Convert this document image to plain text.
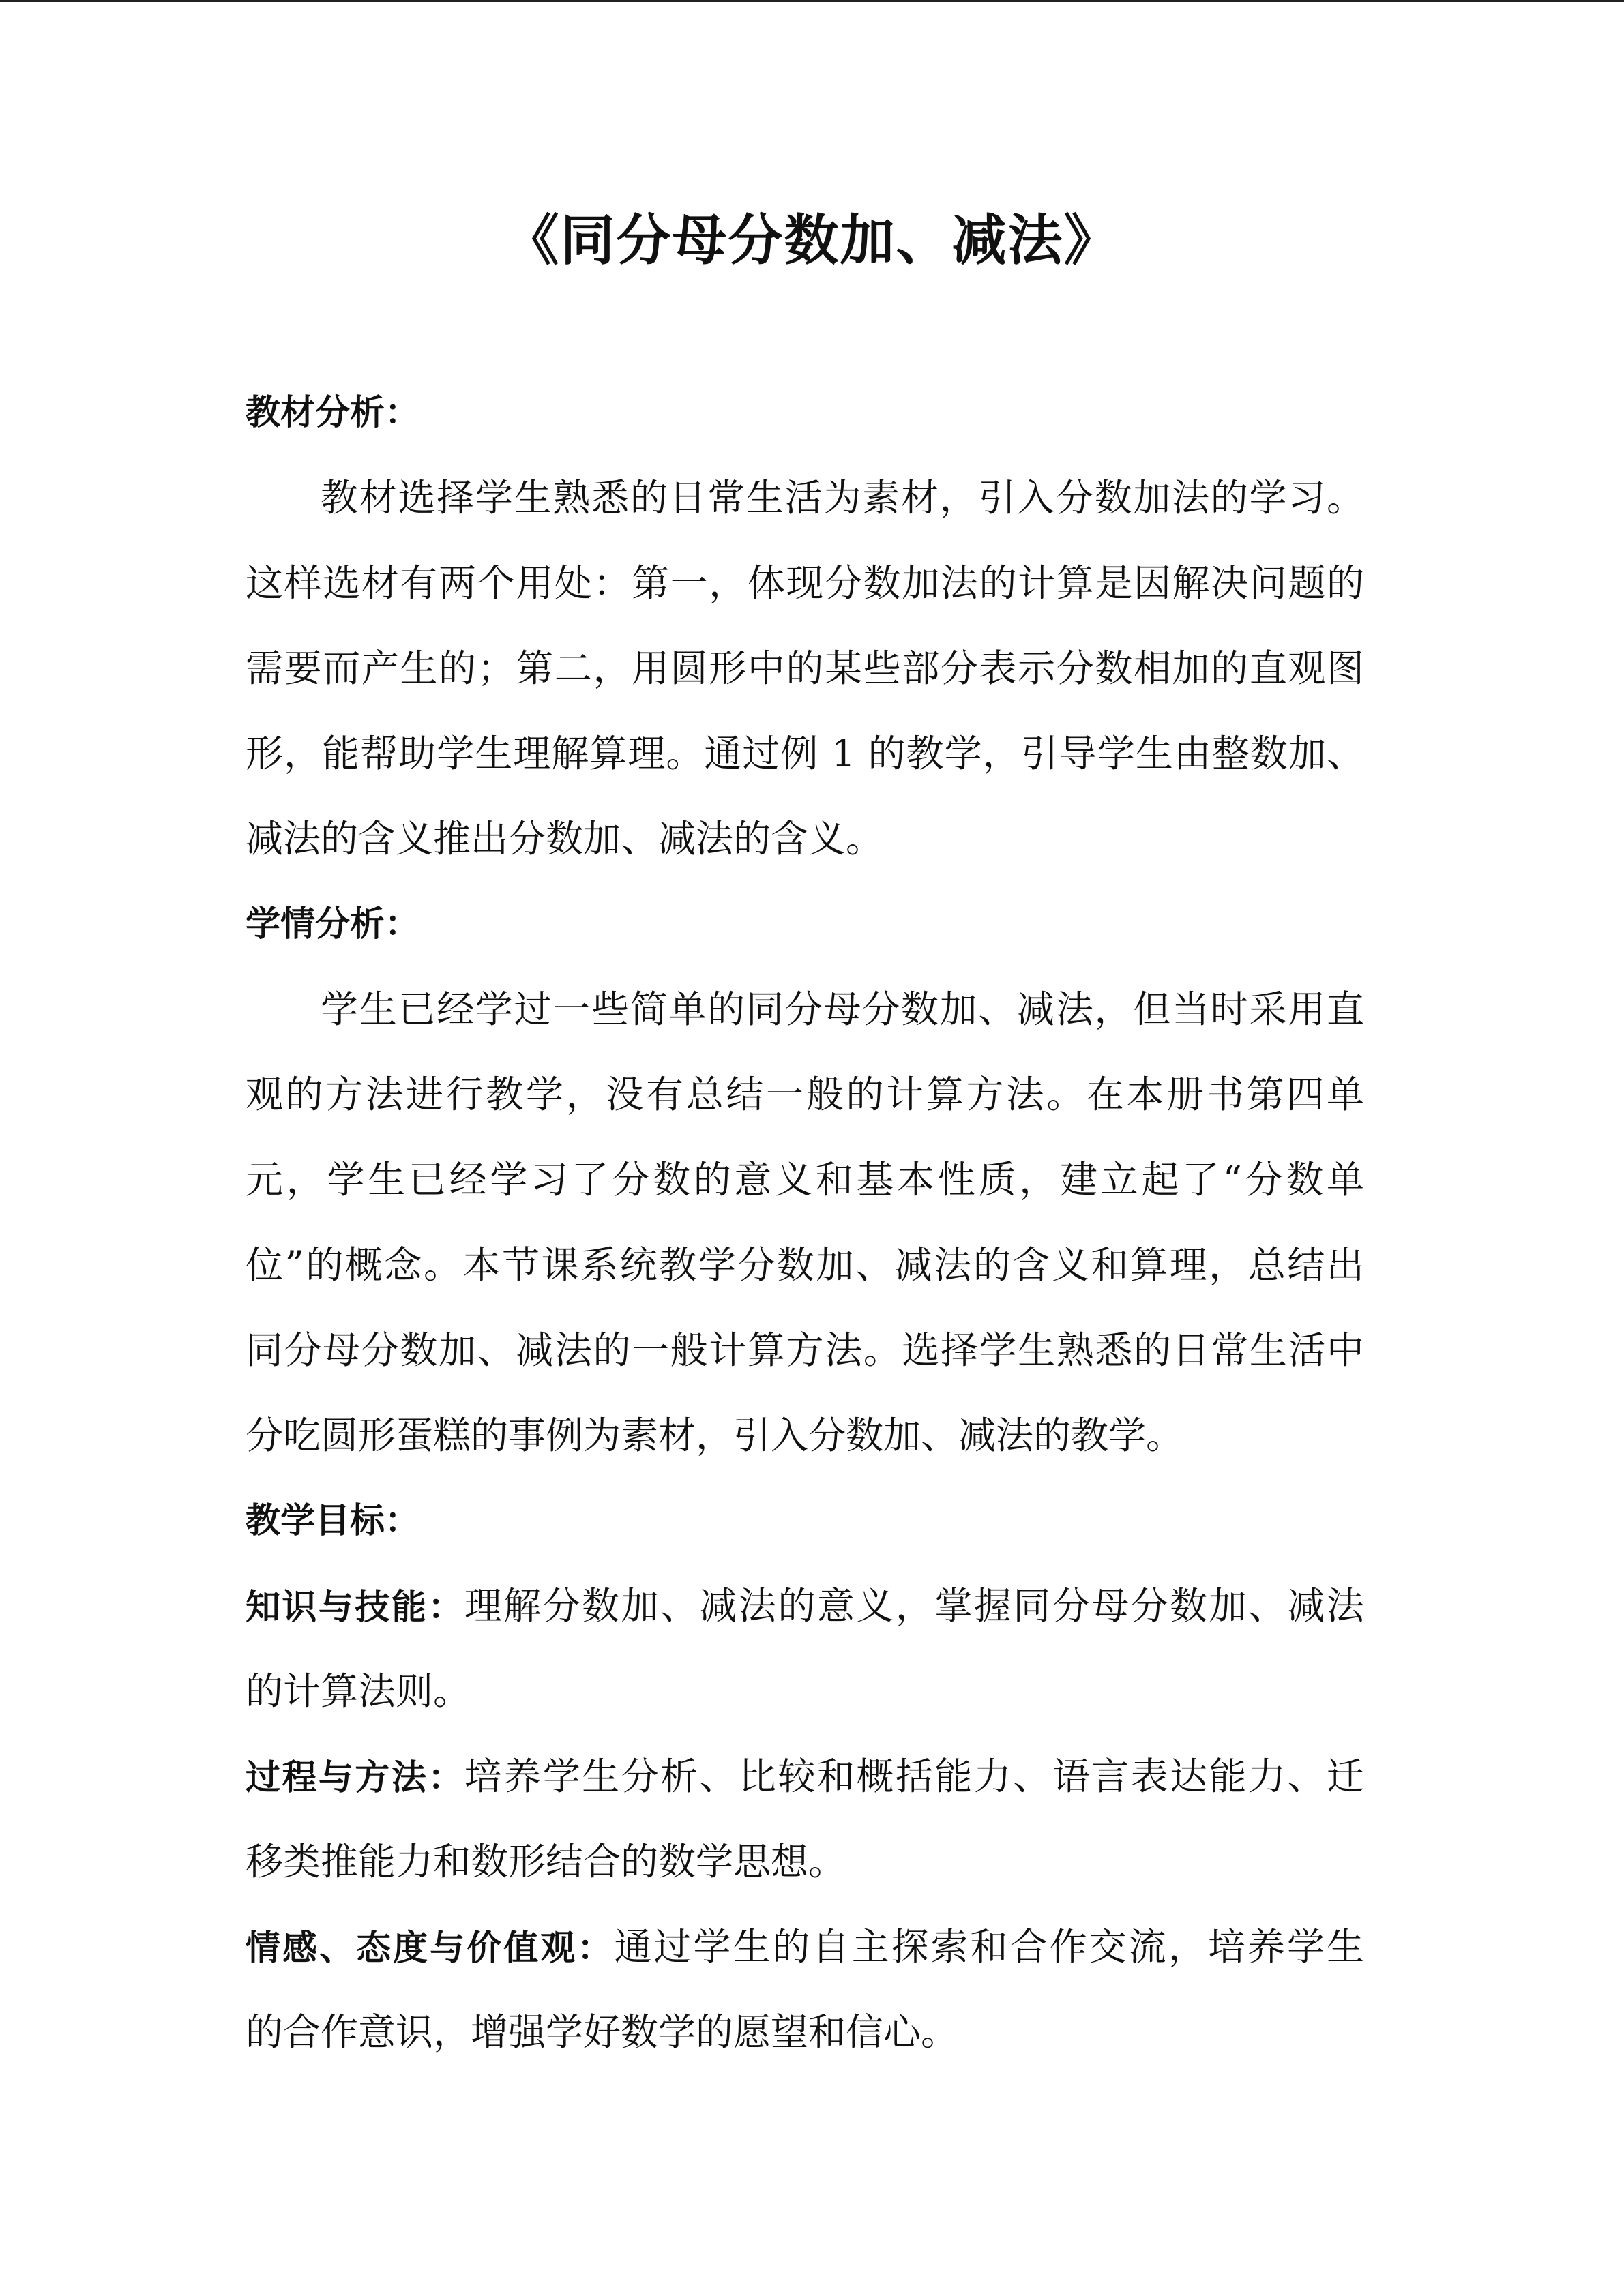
《同分母分数加、减法》
教材分析：
教材选择学生熟悉的日常生活为素材，引入分数加法的学习。
这样选材有两个用处：第一，体现分数加法的计算是因解决问题的
需要而产生的；第二，用圆形中的某些部分表示分数相加的直观图
形，能帮助学生理解算理。通过例 1 的教学，引导学生由整数加、
减法的含义推出分数加、减法的含义。
学情分析：
学生已经学过一些简单的同分母分数加、减法，但当时采用直
观的方法进行教学，没有总结一般的计算方法。在本册书第四单
元，学生已经学习了分数的意义和基本性质，建立起了“分数单
位”的概念。本节课系统教学分数加、减法的含义和算理，总结出
同分母分数加、减法的一般计算方法。选择学生熟悉的日常生活中
分吃圆形蛋糕的事例为素材，引入分数加、减法的教学。
教学目标：
知识与技能：理解分数加、减法的意义，掌握同分母分数加、减法
的计算法则。
过程与方法：培养学生分析、比较和概括能力、语言表达能力、迁
移类推能力和数形结合的数学思想。
情感、态度与价值观：通过学生的自主探索和合作交流，培养学生
的合作意识，增强学好数学的愿望和信心。
